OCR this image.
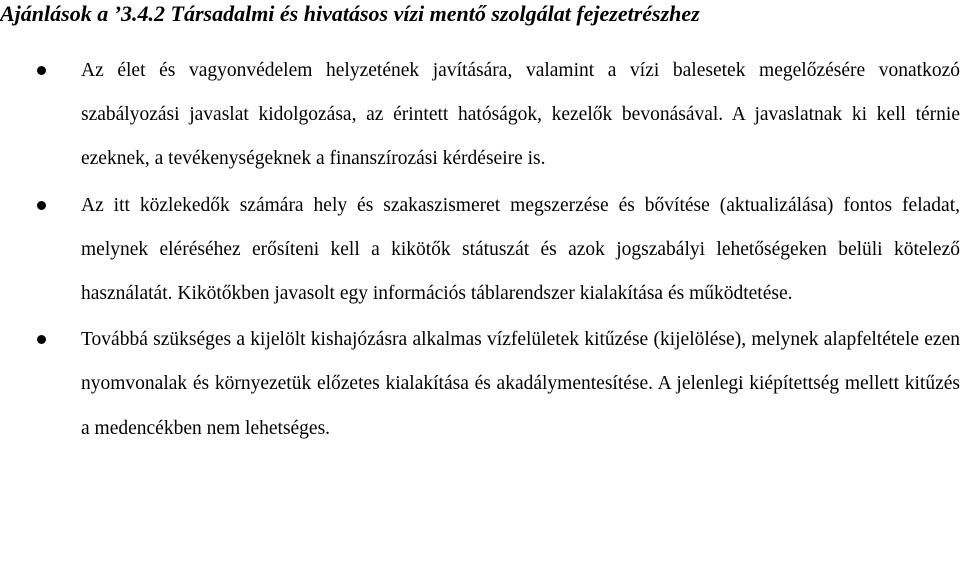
Ajánlások a ’3.4.2 Társadalmi és hivatásos vízi mentő szolgálat fejezetrészhez
Az élet és vagyonvédelem helyzetének javítására, valamint a vízi balesetek megelőzésére vonatkozó szabályozási javaslat kidolgozása, az érintett hatóságok, kezelők bevonásával. A javaslatnak ki kell térnie ezeknek, a tevékenységeknek a finanszírozási kérdéseire is.
Az itt közlekedők számára hely és szakaszismeret megszerzése és bővítése (aktualizálása) fontos feladat, melynek eléréséhez erősíteni kell a kikötők státuszát és azok jogszabályi lehetőségeken belüli kötelező használatát. Kikötőkben javasolt egy információs táblarendszer kialakítása és működtetése.
Továbbá szükséges a kijelölt kishajózásra alkalmas vízfelületek kitűzése (kijelölése), melynek alapfeltétele ezen nyomvonalak és környezetük előzetes kialakítása és akadálymentesítése. A jelenlegi kiépítettség mellett kitűzés a medencékben nem lehetséges.
